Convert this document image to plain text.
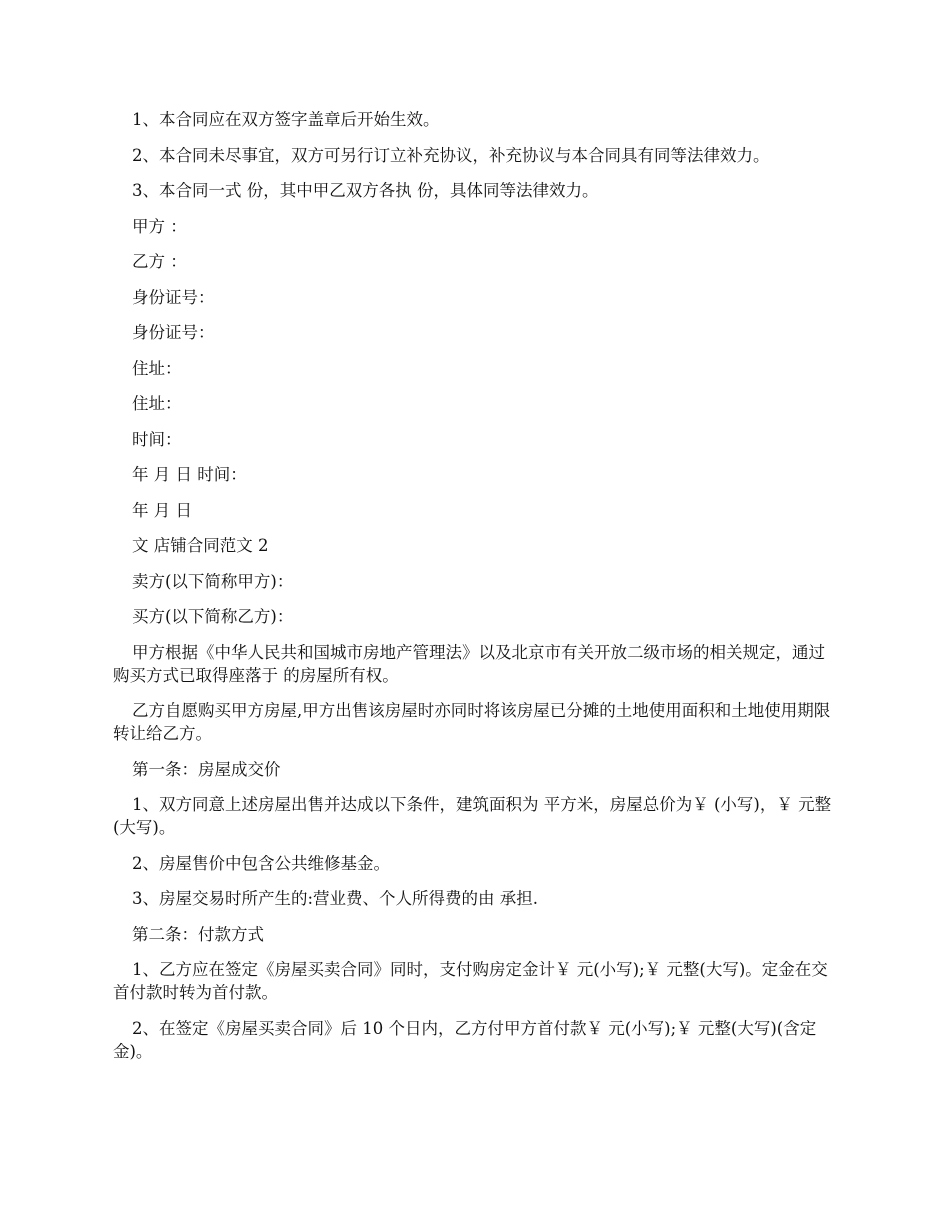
1、本合同应在双方签字盖章后开始生效。

2、本合同未尽事宜，双方可另行订立补充协议，补充协议与本合同具有同等法律效力。

3、本合同一式 份，其中甲乙双方各执 份，具体同等法律效力。

甲方 ：

乙方 ：

身份证号：

身份证号：

住址：

住址：

时间：

年 月 日 时间：

年 月 日

文 店铺合同范文 2

卖方(以下简称甲方)：

买方(以下简称乙方)：

甲方根据《中华人民共和国城市房地产管理法》以及北京市有关开放二级市场的相关规定，通过购买方式已取得座落于 的房屋所有权。

乙方自愿购买甲方房屋,甲方出售该房屋时亦同时将该房屋已分摊的土地使用面积和土地使用期限转让给乙方。

第一条：房屋成交价

1、双方同意上述房屋出售并达成以下条件，建筑面积为 平方米，房屋总价为￥ (小写)，￥ 元整(大写)。

2、房屋售价中包含公共维修基金。

3、房屋交易时所产生的:营业费、个人所得费的由 承担.

第二条：付款方式

1、乙方应在签定《房屋买卖合同》同时，支付购房定金计￥ 元(小写);￥ 元整(大写)。定金在交首付款时转为首付款。

2、在签定《房屋买卖合同》后 10 个日内，乙方付甲方首付款￥ 元(小写);￥ 元整(大写)(含定金)。
